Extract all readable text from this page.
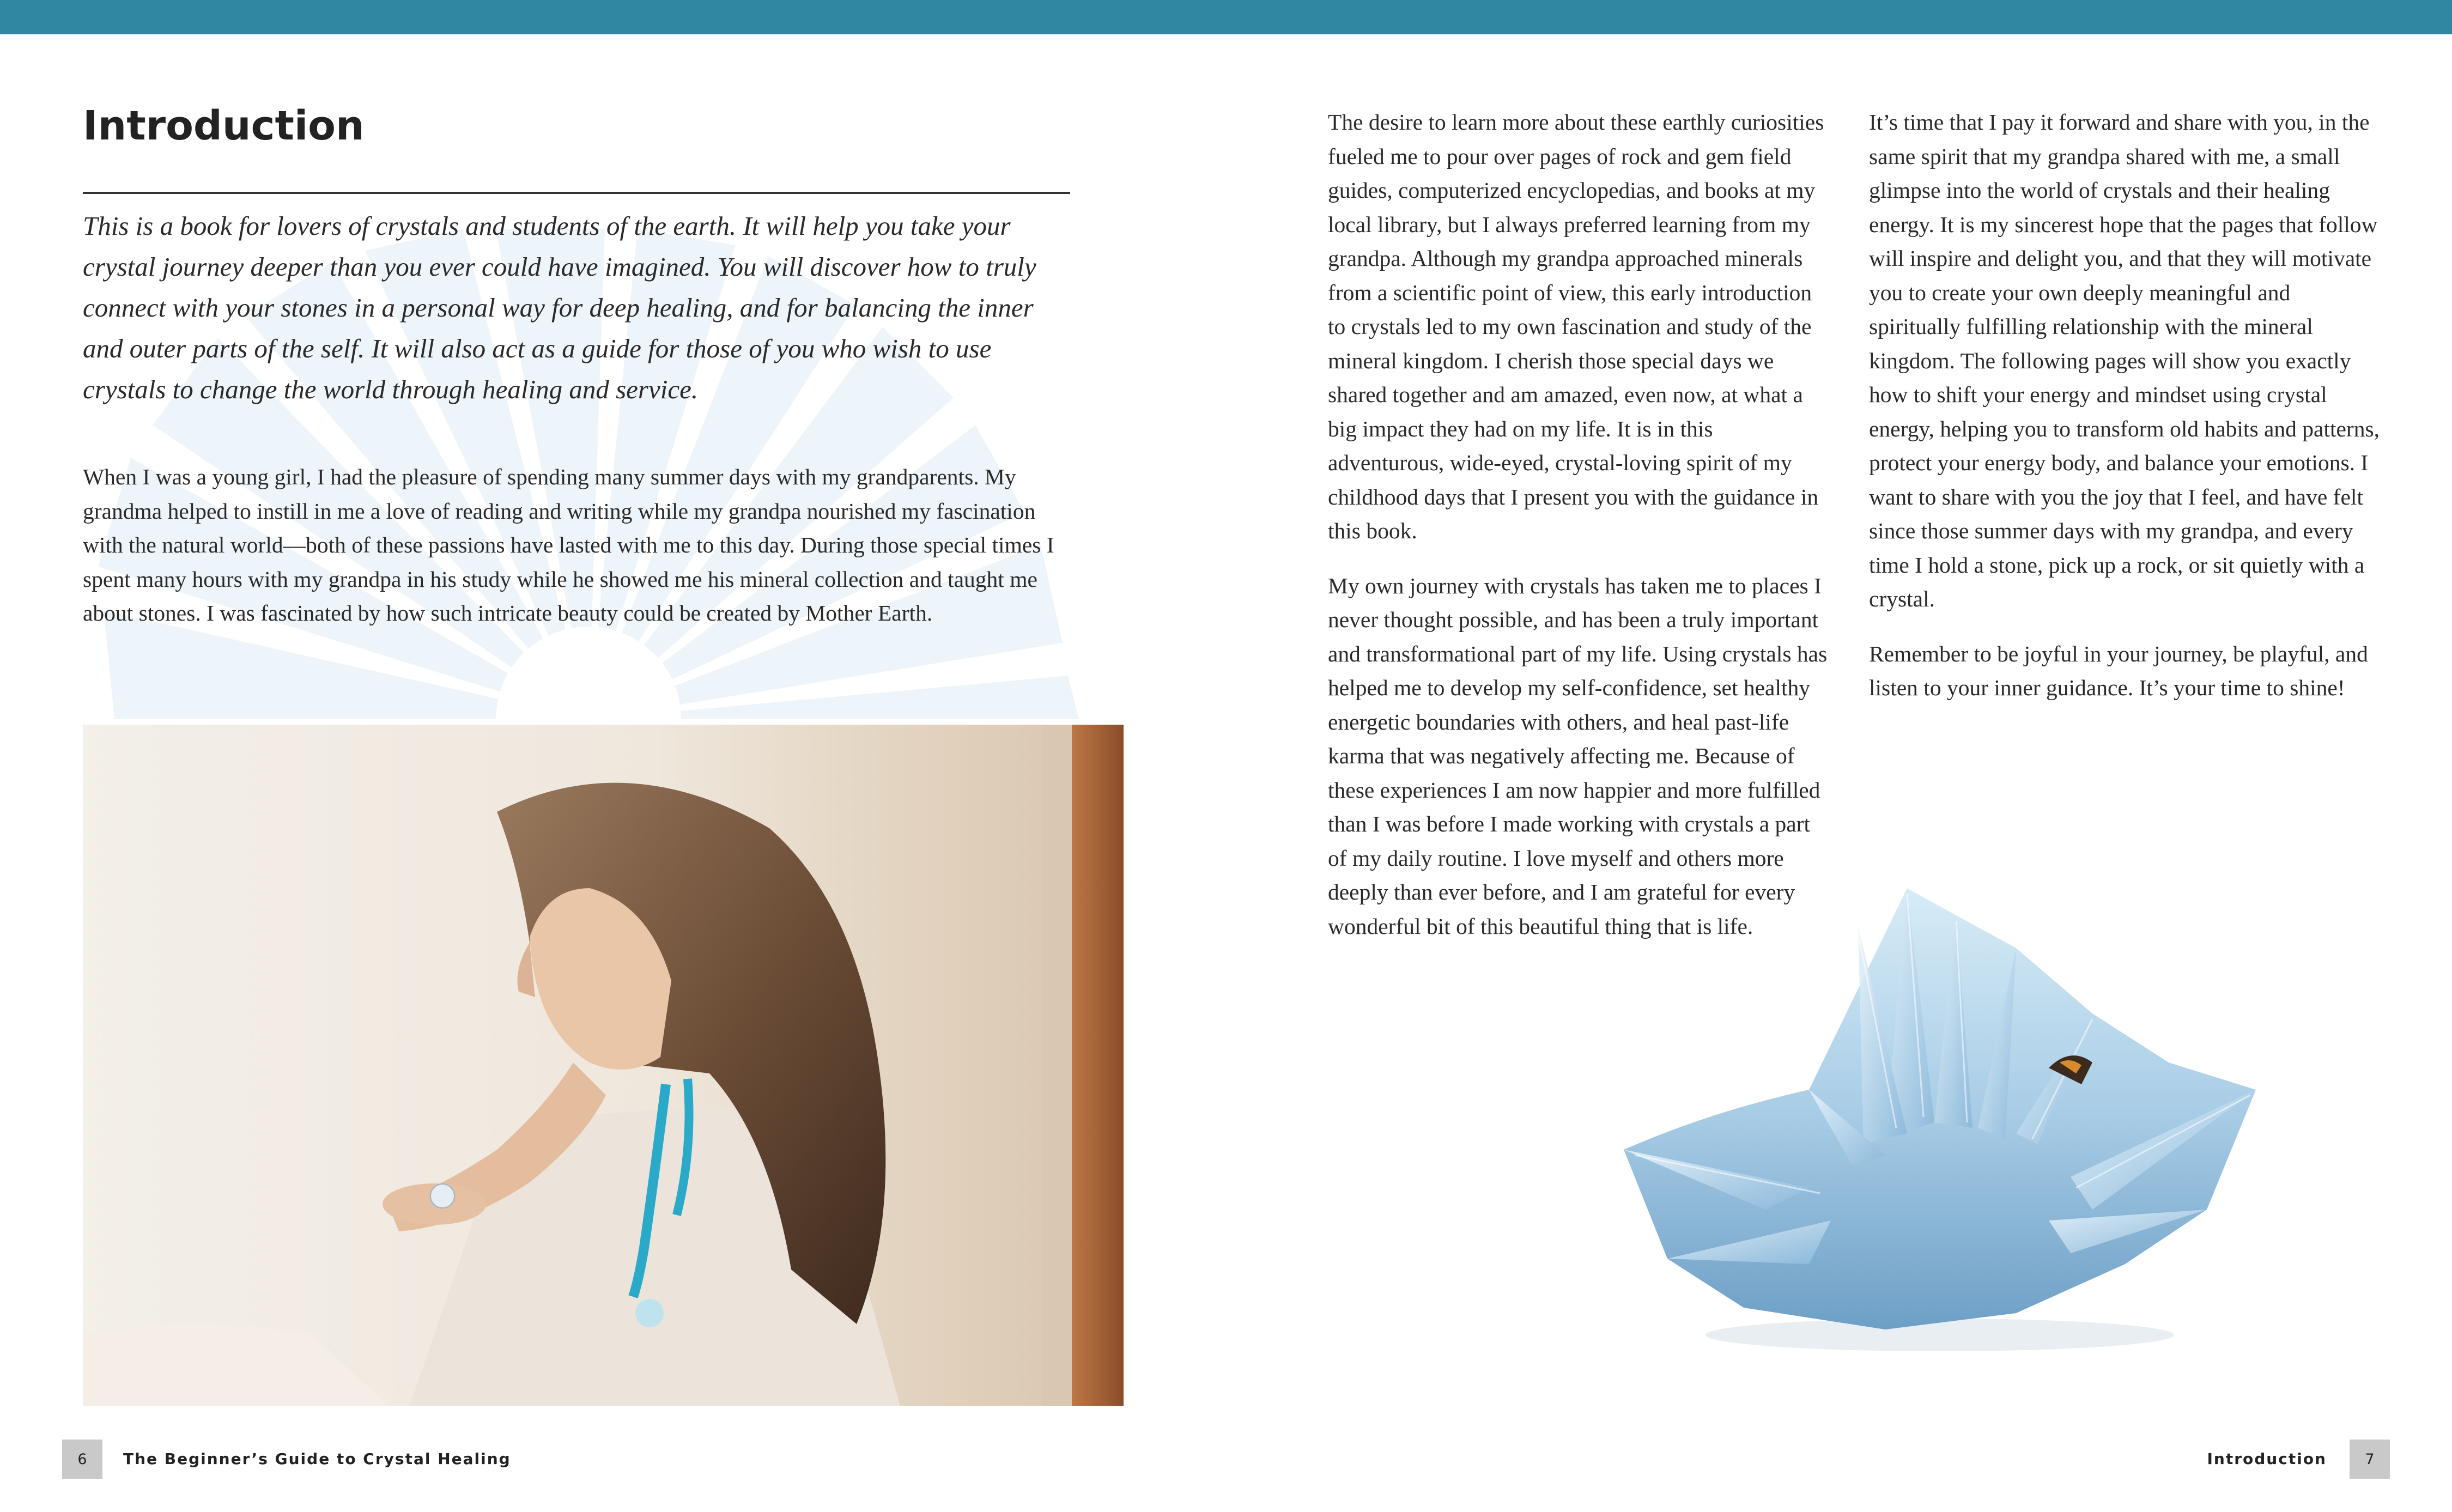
Introduction

This is a book for lovers of crystals and students of the earth. It will help you take your crystal journey deeper than you ever could have imagined. You will discover how to truly connect with your stones in a personal way for deep healing, and for balancing the inner and outer parts of the self. It will also act as a guide for those of you who wish to use crystals to change the world through healing and service.

When I was a young girl, I had the pleasure of spending many summer days with my grandparents. My grandma helped to instill in me a love of reading and writing while my grandpa nourished my fascination with the natural world—both of these passions have lasted with me to this day. During those special times I spent many hours with my grandpa in his study while he showed me his mineral collection and taught me about stones. I was fascinated by how such intricate beauty could be created by Mother Earth.

The desire to learn more about these earthly curiosities fueled me to pour over pages of rock and gem field guides, computerized encyclopedias, and books at my local library, but I always preferred learning from my grandpa. Although my grandpa approached minerals from a scientific point of view, this early introduction to crystals led to my own fascination and study of the mineral kingdom. I cherish those special days we shared together and am amazed, even now, at what a big impact they had on my life. It is in this adventurous, wide-eyed, crystal-loving spirit of my childhood days that I present you with the guidance in this book.

My own journey with crystals has taken me to places I never thought possible, and has been a truly important and transformational part of my life. Using crystals has helped me to develop my self-confidence, set healthy energetic boundaries with others, and heal past-life karma that was negatively affecting me. Because of these experiences I am now happier and more fulfilled than I was before I made working with crystals a part of my daily routine. I love myself and others more deeply than ever before, and I am grateful for every wonderful bit of this beautiful thing that is life.

It’s time that I pay it forward and share with you, in the same spirit that my grandpa shared with me, a small glimpse into the world of crystals and their healing energy. It is my sincerest hope that the pages that follow will inspire and delight you, and that they will motivate you to create your own deeply meaningful and spiritually fulfilling relationship with the mineral kingdom. The following pages will show you exactly how to shift your energy and mindset using crystal energy, helping you to transform old habits and patterns, protect your energy body, and balance your emotions. I want to share with you the joy that I feel, and have felt since those summer days with my grandpa, and every time I hold a stone, pick up a rock, or sit quietly with a crystal.

Remember to be joyful in your journey, be playful, and listen to your inner guidance. It’s your time to shine!

6	The Beginner’s Guide to Crystal Healing	Introduction	7
